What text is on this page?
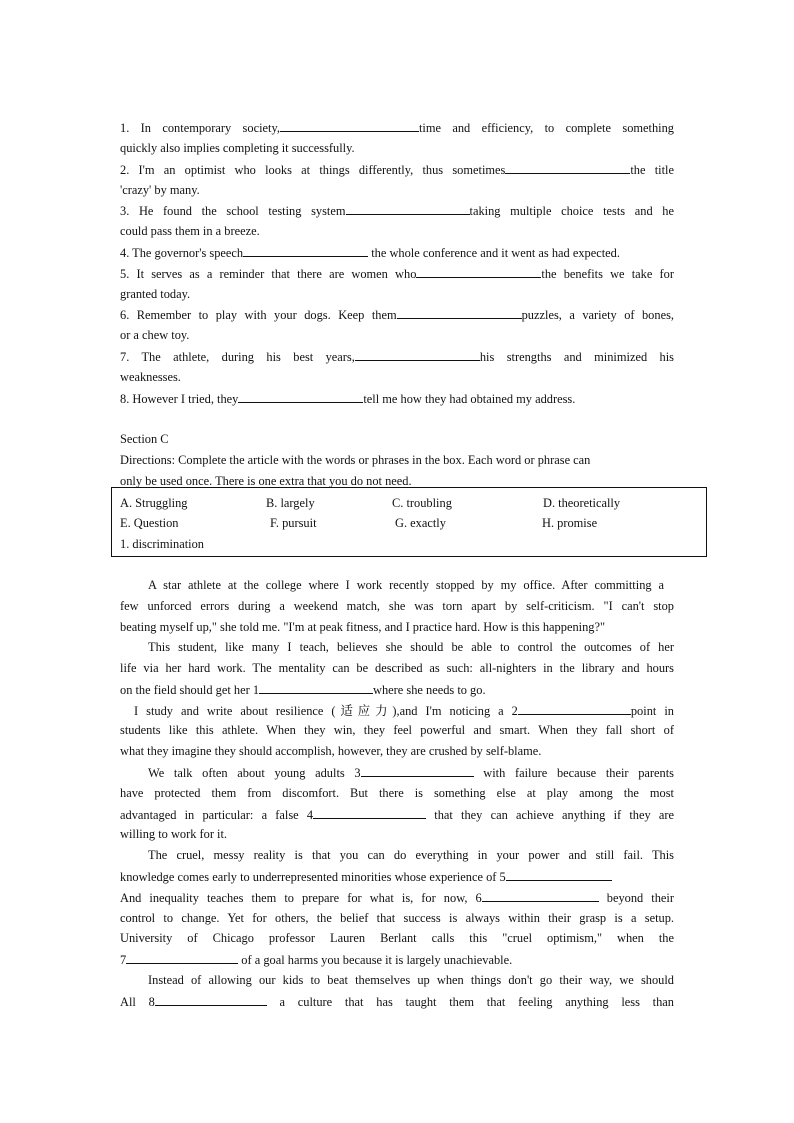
1. In contemporary society,	time and efficiency, to complete something
quickly also implies completing it successfully.
2. I'm an optimist who looks at things differently, thus sometimes	the title
'crazy' by many.
3. He found the school testing system	taking multiple choice tests and he
could pass them in a breeze.
4. The governor's speech	the whole conference and it went as had expected.
5. It serves as a reminder that there are women who	the benefits we take for
granted today.
6. Remember to play with your dogs. Keep them	puzzles, a variety of bones,
or a chew toy.
7. The athlete, during his best years,	his strengths and minimized his
weaknesses.
8. However I tried, they	tell me how they had obtained my address.
Section C
Directions: Complete the article with the words or phrases in the box. Each word or phrase can
only be used once. There is one extra that you do not need.
A. Struggling	B. largely	C. troubling	D. theoretically
E. Question	F. pursuit	G. exactly	H. promise
1. discrimination
A star athlete at the college where I work recently stopped by my office. After committing a
few unforced errors during a weekend match, she was torn apart by self-criticism. "I can't stop
beating myself up," she told me. "I'm at peak fitness, and I practice hard. How is this happening?"
This student, like many I teach, believes she should be able to control the outcomes of her
life via her hard work. The mentality can be described as such: all-nighters in the library and hours
on the field should get her 1	where she needs to go.
I study and write about resilience (适应力),and I'm noticing a 2	point in
students like this athlete. When they win, they feel powerful and smart. When they fall short of
what they imagine they should accomplish, however, they are crushed by self-blame.
We talk often about young adults 3	with failure because their parents
have protected them from discomfort. But there is something else at play among the most
advantaged in particular: a false 4	that they can achieve anything if they are
willing to work for it.
The cruel, messy reality is that you can do everything in your power and still fail. This
knowledge comes early to underrepresented minorities whose experience of 5
And inequality teaches them to prepare for what is, for now, 6	beyond their
control to change. Yet for others, the belief that success is always within their grasp is a setup.
University of Chicago professor Lauren Berlant calls this "cruel optimism," when the
7	of a goal harms you because it is largely unachievable.
Instead of allowing our kids to beat themselves up when things don't go their way, we should
All 8	a culture that has taught them that feeling anything less than
